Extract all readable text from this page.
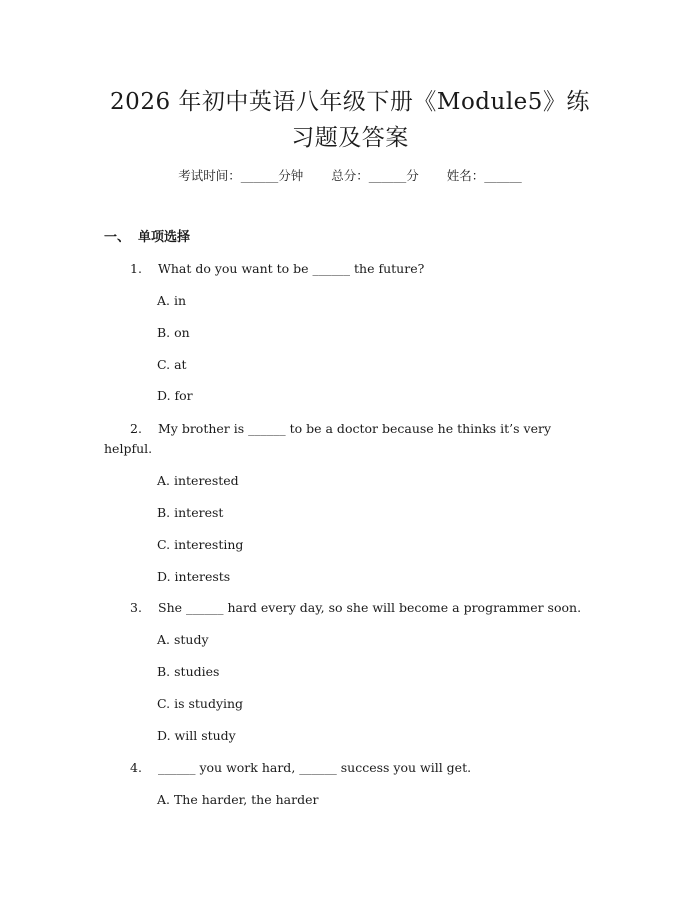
2026 年初中英语八年级下册《Module5》练
习题及答案
考试时间：______分钟 总分：______分 姓名：______
一、 单项选择
1. What do you want to be ______ the future?
A. in
B. on
C. at
D. for
2. My brother is ______ to be a doctor because he thinks it’s very
helpful.
A. interested
B. interest
C. interesting
D. interests
3. She ______ hard every day, so she will become a programmer soon.
A. study
B. studies
C. is studying
D. will study
4. ______ you work hard, ______ success you will get.
A. The harder, the harder
